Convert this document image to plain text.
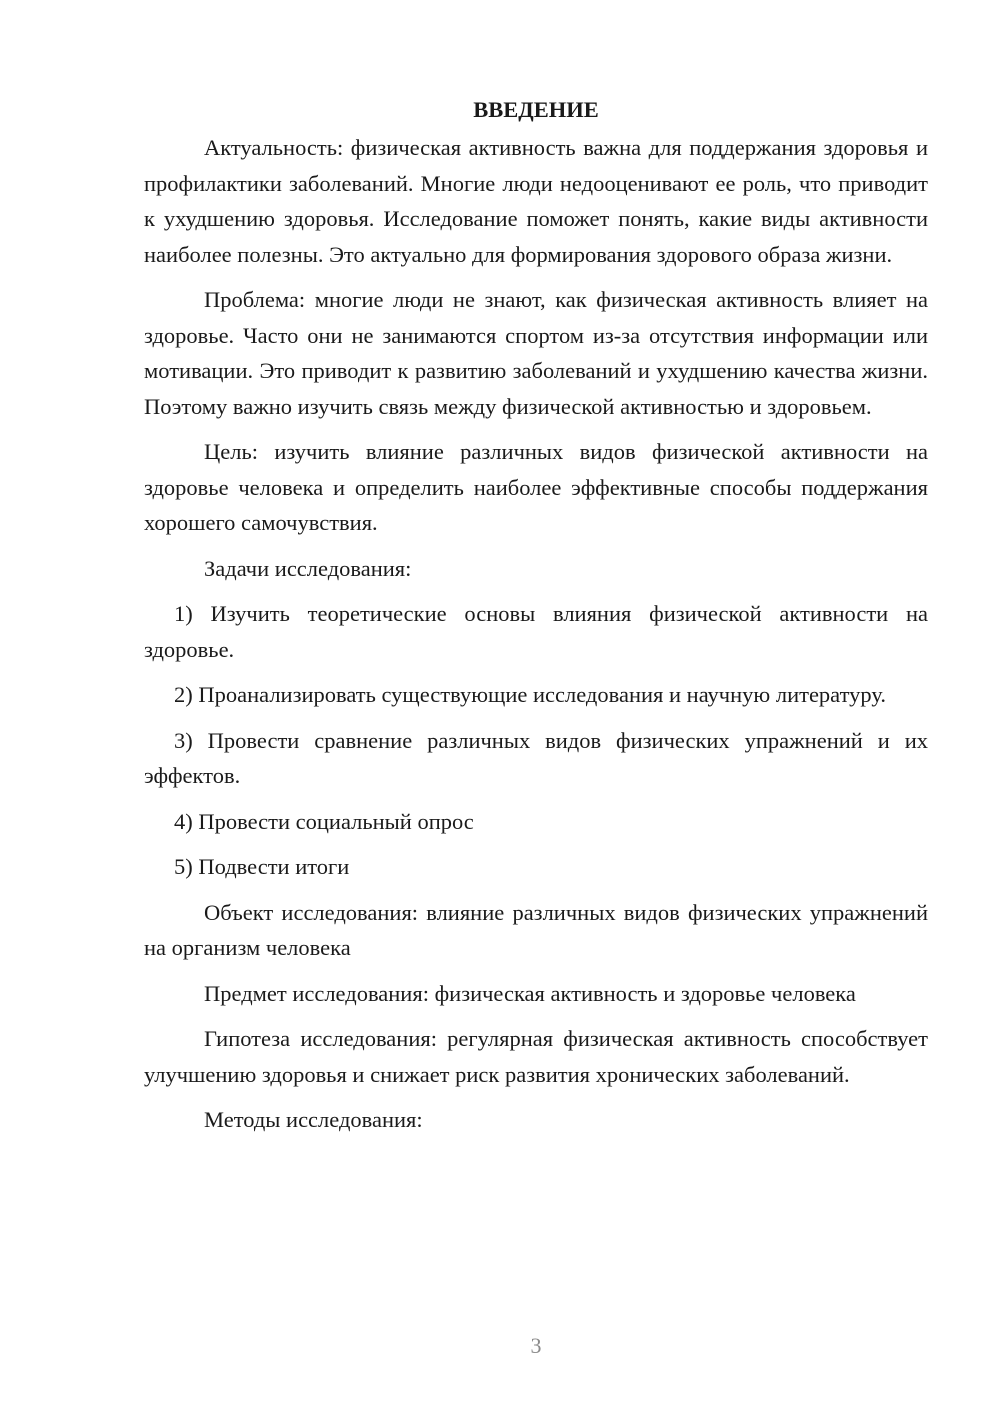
ВВЕДЕНИЕ

Актуальность: физическая активность важна для поддержания здоровья и профилактики заболеваний. Многие люди недооценивают ее роль, что приводит к ухудшению здоровья. Исследование поможет понять, какие виды активности наиболее полезны. Это актуально для формирования здорового образа жизни.

Проблема: многие люди не знают, как физическая активность влияет на здоровье. Часто они не занимаются спортом из-за отсутствия информации или мотивации. Это приводит к развитию заболеваний и ухудшению качества жизни. Поэтому важно изучить связь между физической активностью и здоровьем.

Цель: изучить влияние различных видов физической активности на здоровье человека и определить наиболее эффективные способы поддержания хорошего самочувствия.

Задачи исследования:

1) Изучить теоретические основы влияния физической активности на здоровье.

2) Проанализировать существующие исследования и научную литературу.

3) Провести сравнение различных видов физических упражнений и их эффектов.

4) Провести социальный опрос

5) Подвести итоги

Объект исследования: влияние различных видов физических упражнений на организм человека

Предмет исследования: физическая активность и здоровье человека

Гипотеза исследования: регулярная физическая активность способствует улучшению здоровья и снижает риск развития хронических заболеваний.

Методы исследования:

3
